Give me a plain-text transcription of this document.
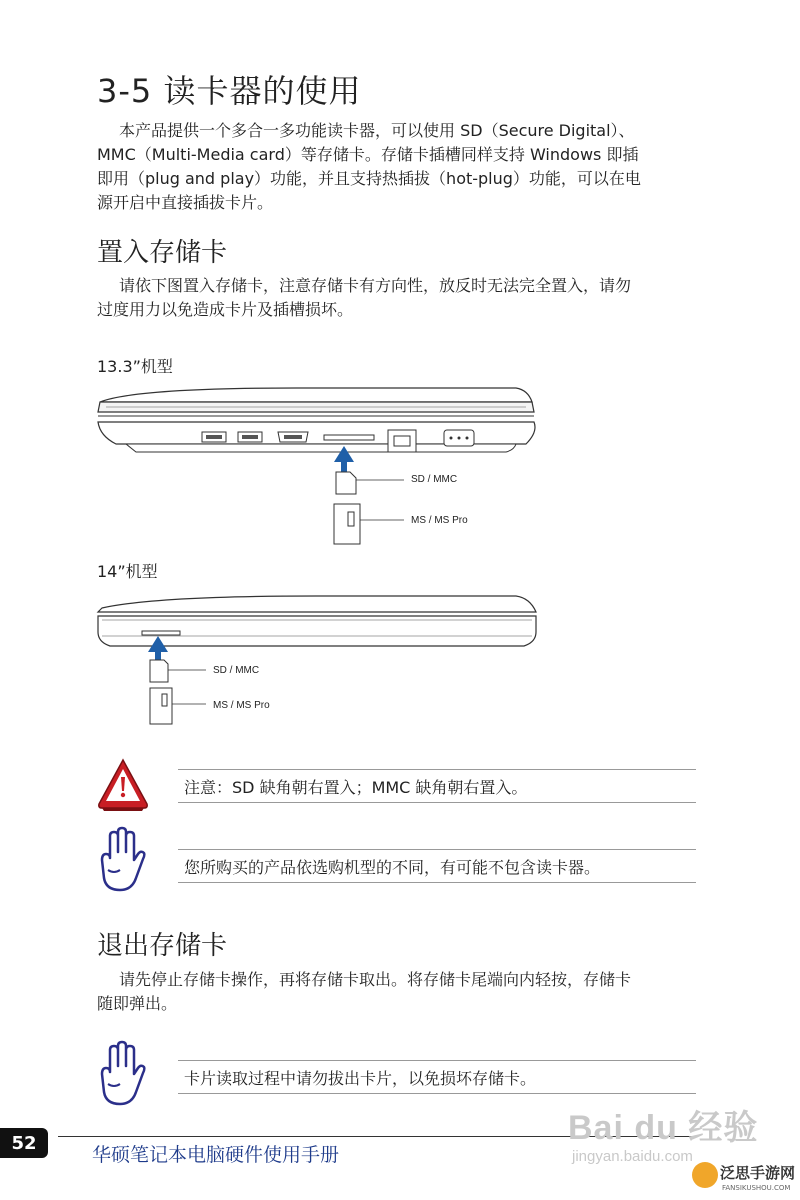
3-5 读卡器的使用
本产品提供一个多合一多功能读卡器，可以使用 SD（Secure Digital）、
MMC（Multi-Media card）等存储卡。存储卡插槽同样支持 Windows 即插
即用（plug and play）功能，并且支持热插拔（hot-plug）功能，可以在电
源开启中直接插拔卡片。
置入存储卡
请依下图置入存储卡，注意存储卡有方向性，放反时无法完全置入，请勿
过度用力以免造成卡片及插槽损坏。
13.3”机型
SD / MMC
MS / MS Pro
14”机型
SD / MMC
MS / MS Pro
注意：SD 缺角朝右置入；MMC 缺角朝右置入。
您所购买的产品依选购机型的不同，有可能不包含读卡器。
退出存储卡
请先停止存储卡操作，再将存储卡取出。将存储卡尾端向内轻按，存储卡
随即弹出。
卡片读取过程中请勿拔出卡片，以免损坏存储卡。
52
华硕笔记本电脑硬件使用手册
Bai du 经验
jingyan.baidu.com
泛思手游网
FANSIKUSHOU.COM
